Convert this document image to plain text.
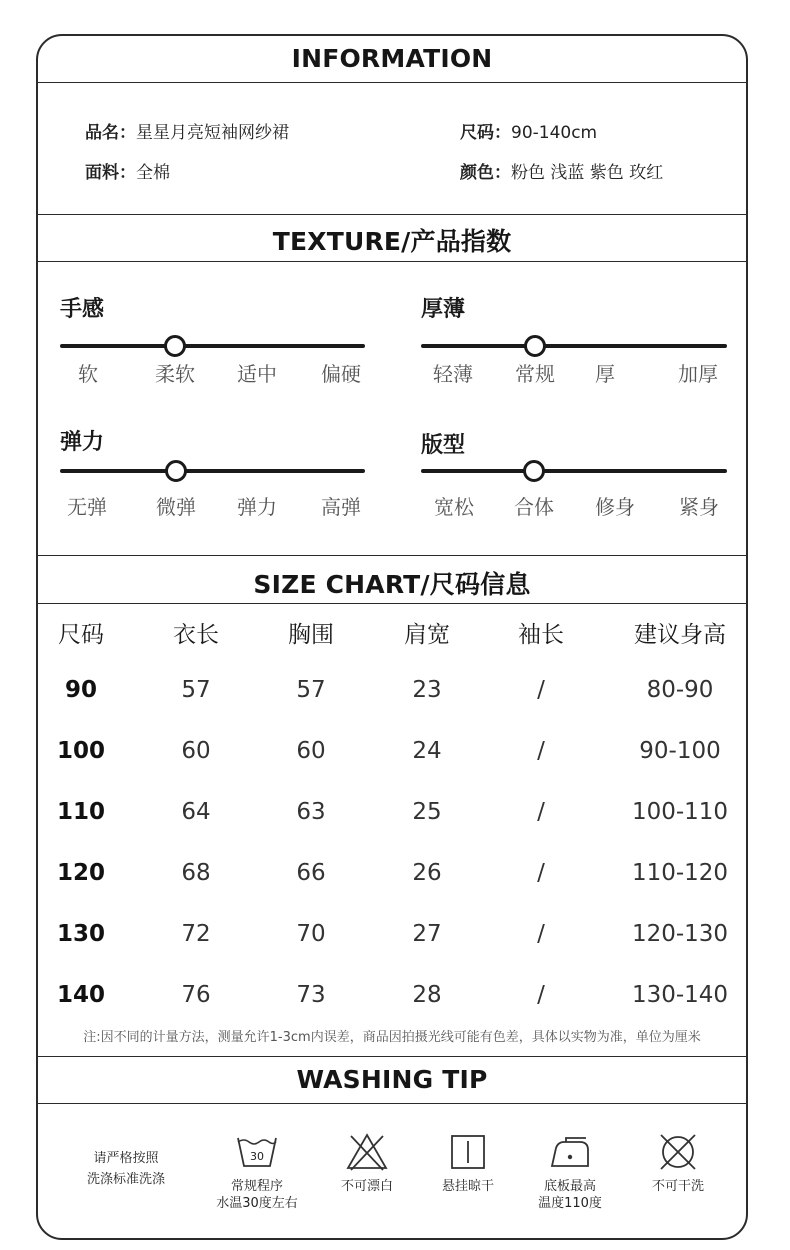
INFORMATION
品名：星星月亮短袖网纱裙	尺码：90-140cm
面料：全棉	颜色：粉色 浅蓝 紫色 玫红
TEXTURE/产品指数
手感
软	柔软 适中 偏硬
厚薄
轻薄 常规 厚	加厚
弹力
无弹 微弹 弹力 高弹
版型
宽松 合体 修身 紧身
SIZE CHART/尺码信息
尺码	衣长	胸围	肩宽	袖长	建议身高
90	57	57	23	/	80-90
100	60	60	24	/	90-100
110	64	63	25	/	100-110
120	68	66	26	/	110-120
130	72	70	27	/	120-130
140	76	73	28	/	130-140
注:因不同的计量方法，测量允许1-3cm内误差，商品因拍摄光线可能有色差，具体以实物为准，单位为厘米
WASHING TIP
请严格按照
洗涤标准洗涤
30
常规程序
水温30度左右
不可漂白	悬挂晾干	底板最高
温度110度
不可干洗
